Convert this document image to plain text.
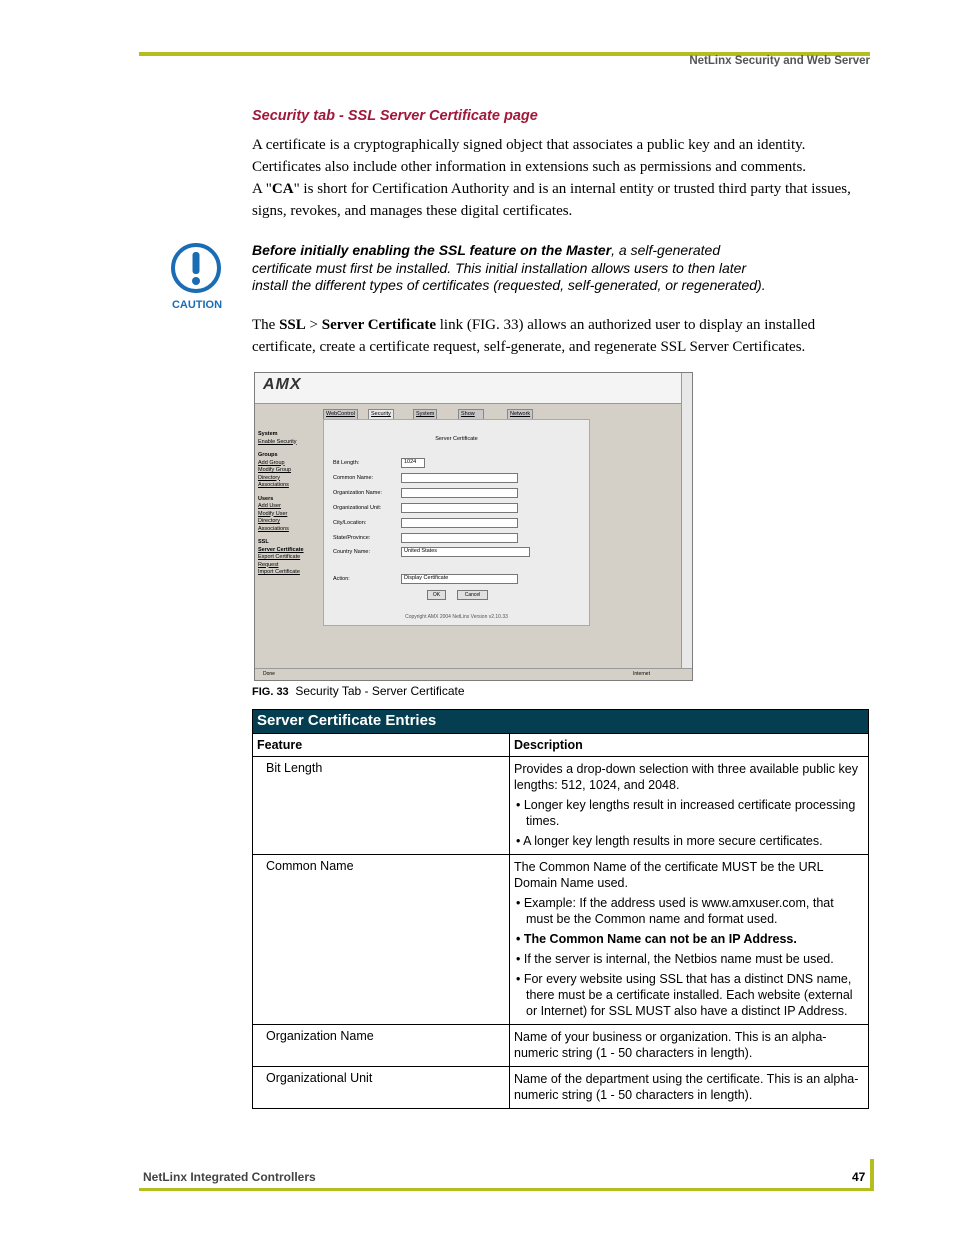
NetLinx Security and Web Server
Security tab - SSL Server Certificate page
A certificate is a cryptographically signed object that associates a public key and an identity.
Certificates also include other information in extensions such as permissions and comments.
A "CA" is short for Certification Authority and is an internal entity or trusted third party that issues, signs, revokes, and manages these digital certificates.
CAUTION
Before initially enabling the SSL feature on the Master, a self-generated certificate must first be installed. This initial installation allows users to then later install the different types of certificates (requested, self-generated, or regenerated).
The SSL > Server Certificate link (FIG. 33) allows an authorized user to display an installed certificate, create a certificate request, self-generate, and regenerate SSL Server Certificates.
AMX
WebControl	Security	System	Show	Network
System
Enable Security
Groups
Add Group
Modify Group
Directory
Associations
Users
Add User
Modify User
Directory
Associations
SSL
Server Certificate
Export Certificate
Request
Import Certificate
Server Certificate
Bit Length:	1024
Common Name:
Organization Name:
Organizational Unit:
City/Location:
State/Province:
Country Name:	United States
Action:	Display Certificate
OK	Cancel
Copyright AMX 2004 NetLinx Version v2.10.33
Done	Internet
FIG. 33 Security Tab - Server Certificate
Server Certificate Entries	
Feature	Description
Bit Length	Provides a drop-down selection with three available public key lengths: 512, 1024, and 2048.

• Longer key lengths result in increased certificate processing times.

• A longer key length results in more secure certificates.

Common Name	The Common Name of the certificate MUST be the URL Domain Name used.

• Example: If the address used is www.amxuser.com, that must be the Common name and format used.

• The Common Name can not be an IP Address.

• If the server is internal, the Netbios name must be used.

• For every website using SSL that has a distinct DNS name, there must be a certificate installed. Each website (external or Internet) for SSL MUST also have a distinct IP Address.

Organization Name	Name of your business or organization. This is an alpha-numeric string (1 - 50 characters in length).

Organizational Unit	Name of the department using the certificate. This is an alpha-numeric string (1 - 50 characters in length).

NetLinx Integrated Controllers	47
